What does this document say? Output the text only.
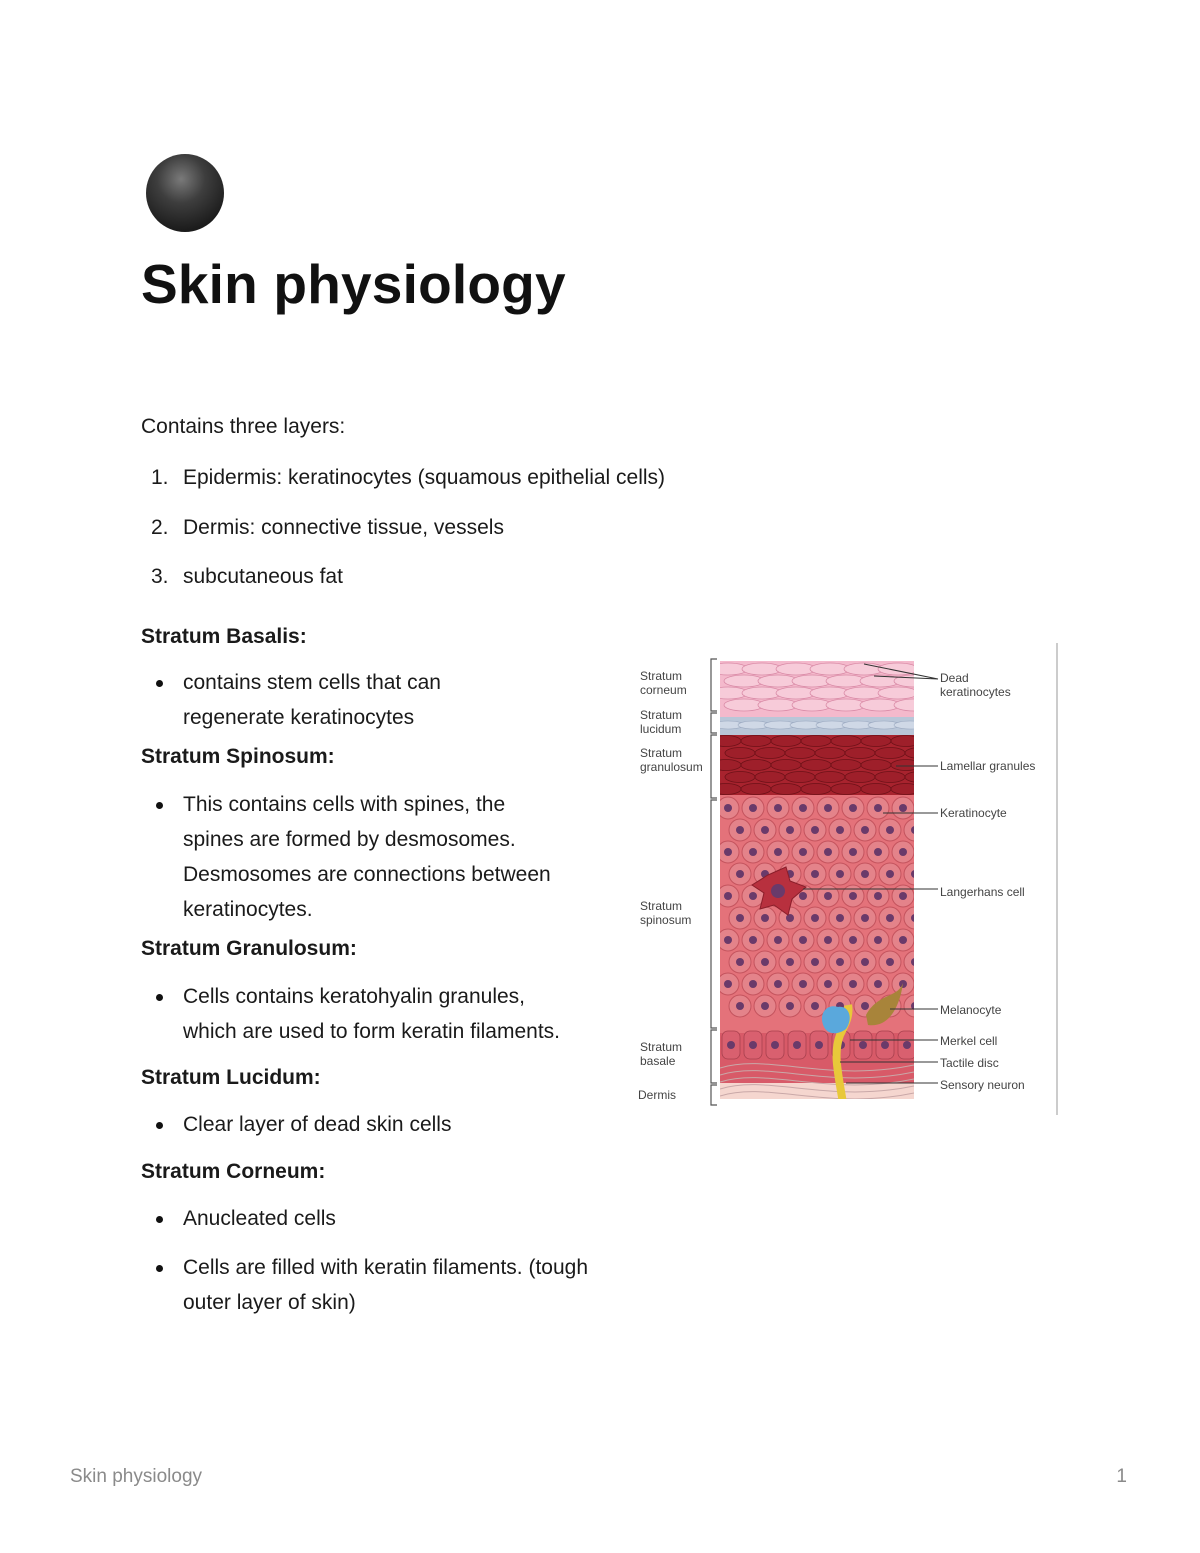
Skin physiology

Contains three layers:

1. Epidermis: keratinocytes (squamous epithelial cells)
2. Dermis: connective tissue, vessels
3. subcutaneous fat

Stratum Basalis:

contains stem cells that can regenerate keratinocytes

Stratum Spinosum:

This contains cells with spines, the spines are formed by desmosomes. Desmosomes are connections between keratinocytes.

Stratum Granulosum:

Cells contains keratohyalin granules, which are used to form keratin filaments.

Stratum Lucidum:

Clear layer of dead skin cells

Stratum Corneum:

Anucleated cells
Cells are filled with keratin filaments. (tough outer layer of skin)
Stratum corneum
Stratum lucidum
Stratum granulosum
Stratum spinosum
Stratum basale
Dermis
Dead keratinocytes
Lamellar granules
Keratinocyte
Langerhans cell
Melanocyte
Merkel cell
Tactile disc
Sensory neuron
Skin physiology	1
